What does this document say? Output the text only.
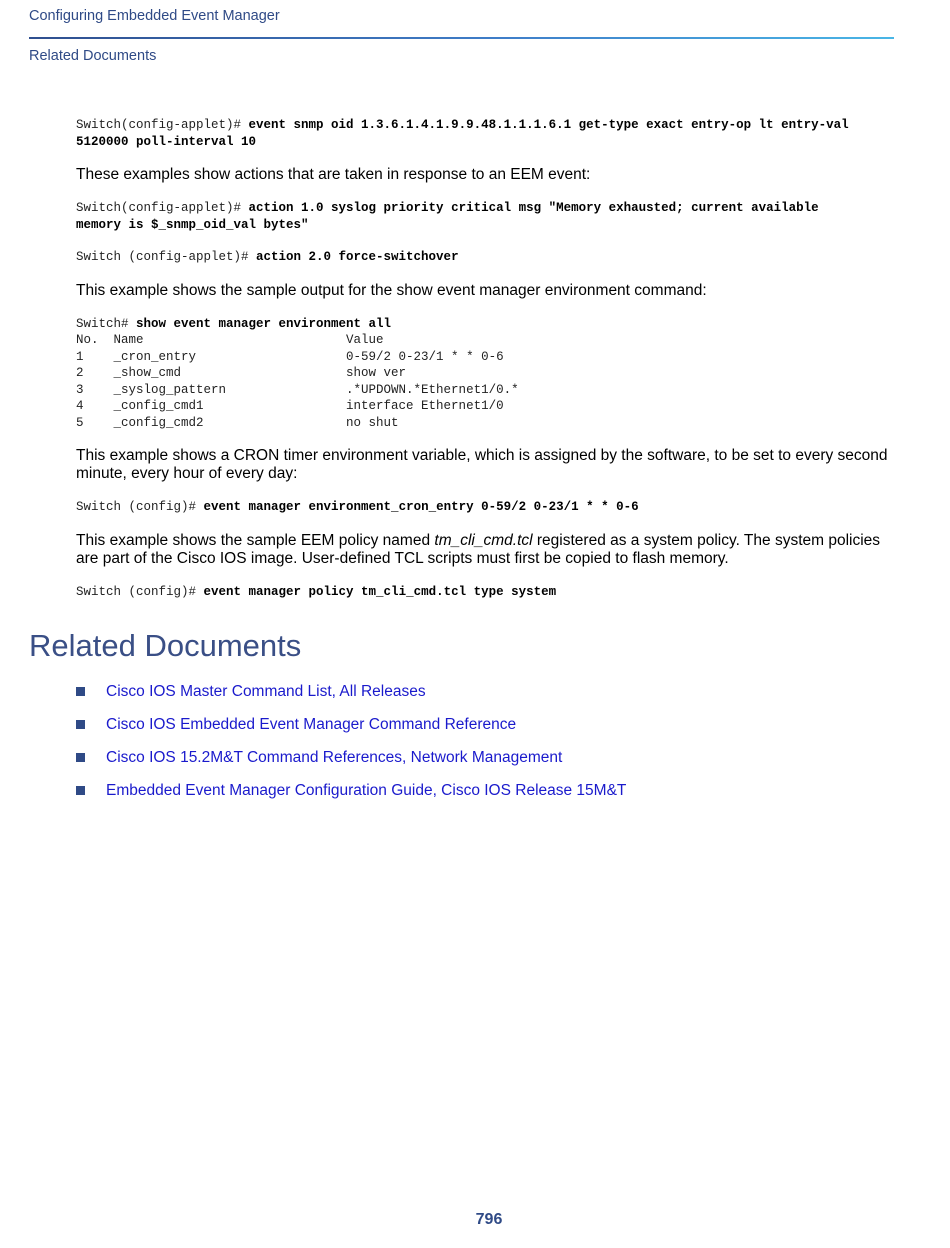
Configuring Embedded Event Manager
Related Documents
Switch(config-applet)# event snmp oid 1.3.6.1.4.1.9.9.48.1.1.1.6.1 get-type exact entry-op lt entry-val
5120000 poll-interval 10

These examples show actions that are taken in response to an EEM event:

Switch(config-applet)# action 1.0 syslog priority critical msg "Memory exhausted; current available
memory is $_snmp_oid_val bytes"
Switch (config-applet)# action 2.0 force-switchover

This example shows the sample output for the show event manager environment command:

Switch# show event manager environment all
No.  Name                           Value
1    _cron_entry                    0-59/2 0-23/1 * * 0-6
2    _show_cmd                      show ver
3    _syslog_pattern                .*UPDOWN.*Ethernet1/0.*
4    _config_cmd1                   interface Ethernet1/0
5    _config_cmd2                   no shut

This example shows a CRON timer environment variable, which is assigned by the software, to be set to every second
minute, every hour of every day:

Switch (config)# event manager environment_cron_entry 0-59/2 0-23/1 * * 0-6

This example shows the sample EEM policy named tm_cli_cmd.tcl registered as a system policy. The system policies
are part of the Cisco IOS image. User-defined TCL scripts must first be copied to flash memory.

Switch (config)# event manager policy tm_cli_cmd.tcl type system
Related Documents
Cisco IOS Master Command List, All Releases
Cisco IOS Embedded Event Manager Command Reference
Cisco IOS 15.2M&T Command References, Network Management
Embedded Event Manager Configuration Guide, Cisco IOS Release 15M&T
796
